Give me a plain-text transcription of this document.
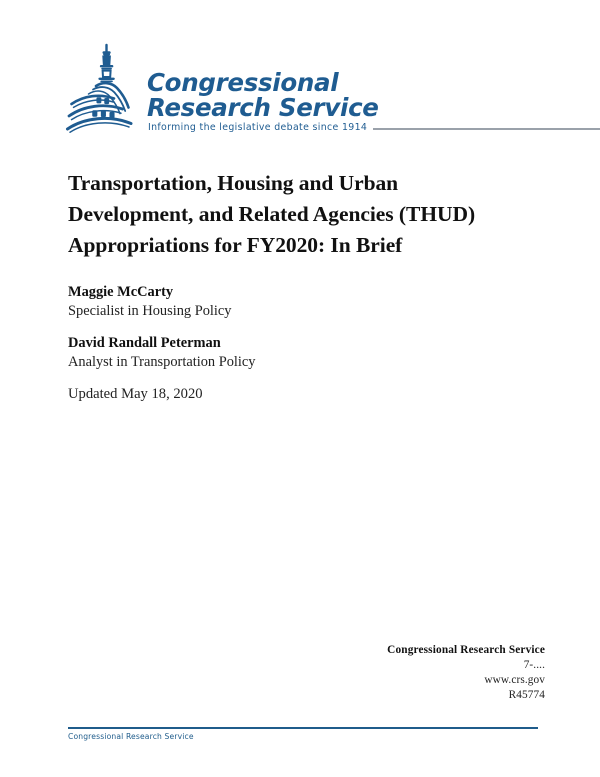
Congressional
Research Service
Informing the legislative debate since 1914
Transportation, Housing and Urban
Development, and Related Agencies (THUD)
Appropriations for FY2020: In Brief
Maggie McCarty
Specialist in Housing Policy
David Randall Peterman
Analyst in Transportation Policy
Updated May 18, 2020
Congressional Research Service
7-....
www.crs.gov
R45774
Congressional Research Service
